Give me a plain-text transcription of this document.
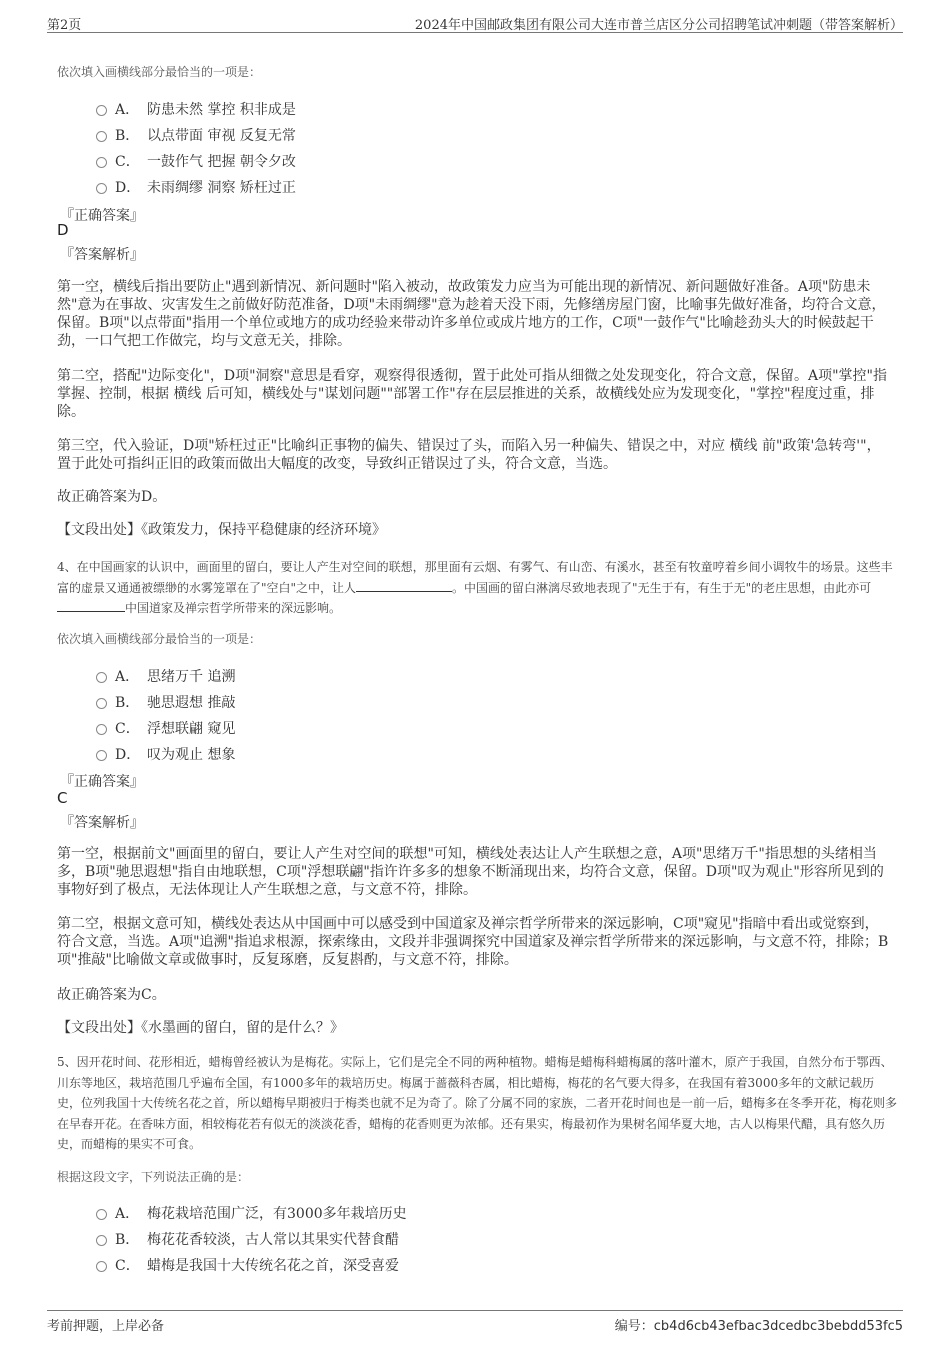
第2页	2024年中国邮政集团有限公司大连市普兰店区分公司招聘笔试冲刺题（带答案解析）
依次填入画横线部分最恰当的一项是：
A． 防患未然 掌控 积非成是
B． 以点带面 审视 反复无常
C． 一鼓作气 把握 朝令夕改
D． 未雨绸缪 洞察 矫枉过正
『正确答案』
D
『答案解析』
第一空，横线后指出要防止"遇到新情况、新问题时"陷入被动，故政策发力应当为可能出现的新情况、新问题做好准备。A项"防患未然"意为在事故、灾害发生之前做好防范准备，D项"未雨绸缪"意为趁着天没下雨，先修缮房屋门窗，比喻事先做好准备，均符合文意，保留。B项"以点带面"指用一个单位或地方的成功经验来带动许多单位或成片地方的工作，C项"一鼓作气"比喻趁劲头大的时候鼓起干劲，一口气把工作做完，均与文意无关，排除。
第二空，搭配"边际变化"，D项"洞察"意思是看穿，观察得很透彻，置于此处可指从细微之处发现变化，符合文意，保留。A项"掌控"指掌握、控制，根据 横线 后可知，横线处与"谋划问题""部署工作"存在层层推进的关系，故横线处应为发现变化，"掌控"程度过重，排除。
第三空，代入验证，D项"矫枉过正"比喻纠正事物的偏失、错误过了头，而陷入另一种偏失、错误之中，对应 横线 前"政策'急转弯'"，置于此处可指纠正旧的政策而做出大幅度的改变，导致纠正错误过了头，符合文意，当选。
故正确答案为D。
【文段出处】《政策发力，保持平稳健康的经济环境》
4、在中国画家的认识中，画面里的留白，要让人产生对空间的联想，那里面有云烟、有雾气、有山峦、有溪水，甚至有牧童哼着乡间小调牧牛的场景。这些丰富的虚景又通通被缥缈的水雾笼罩在了"空白"之中，让人	。中国画的留白淋漓尽致地表现了"无生于有，有生于无"的老庄思想，由此亦可中国道家及禅宗哲学所带来的深远影响。
依次填入画横线部分最恰当的一项是：
A． 思绪万千 追溯
B． 驰思遐想 推敲
C． 浮想联翩 窥见
D． 叹为观止 想象
『正确答案』
C
『答案解析』
第一空，根据前文"画面里的留白，要让人产生对空间的联想"可知，横线处表达让人产生联想之意，A项"思绪万千"指思想的头绪相当多，B项"驰思遐想"指自由地联想，C项"浮想联翩"指许许多多的想象不断涌现出来，均符合文意，保留。D项"叹为观止"形容所见到的事物好到了极点，无法体现让人产生联想之意，与文意不符，排除。
第二空，根据文意可知，横线处表达从中国画中可以感受到中国道家及禅宗哲学所带来的深远影响，C项"窥见"指暗中看出或觉察到，符合文意，当选。A项"追溯"指追求根源，探索缘由，文段并非强调探究中国道家及禅宗哲学所带来的深远影响，与文意不符，排除；B项"推敲"比喻做文章或做事时，反复琢磨，反复斟酌，与文意不符，排除。
故正确答案为C。
【文段出处】《水墨画的留白，留的是什么？》
5、因开花时间、花形相近，蜡梅曾经被认为是梅花。实际上，它们是完全不同的两种植物。蜡梅是蜡梅科蜡梅属的落叶灌木，原产于我国，自然分布于鄂西、川东等地区，栽培范围几乎遍布全国，有1000多年的栽培历史。梅属于蔷薇科杏属，相比蜡梅，梅花的名气要大得多，在我国有着3000多年的文献记载历史，位列我国十大传统名花之首，所以蜡梅早期被归于梅类也就不足为奇了。除了分属不同的家族，二者开花时间也是一前一后，蜡梅多在冬季开花，梅花则多在早春开花。在香味方面，相较梅花若有似无的淡淡花香，蜡梅的花香则更为浓郁。还有果实，梅最初作为果树名闻华夏大地，古人以梅果代醋，具有悠久历史，而蜡梅的果实不可食。
根据这段文字，下列说法正确的是：
A． 梅花栽培范围广泛，有3000多年栽培历史
B． 梅花花香较淡，古人常以其果实代替食醋
C． 蜡梅是我国十大传统名花之首，深受喜爱
考前押题，上岸必备	编号：cb4d6cb43efbac3dcedbc3bebdd53fc5
